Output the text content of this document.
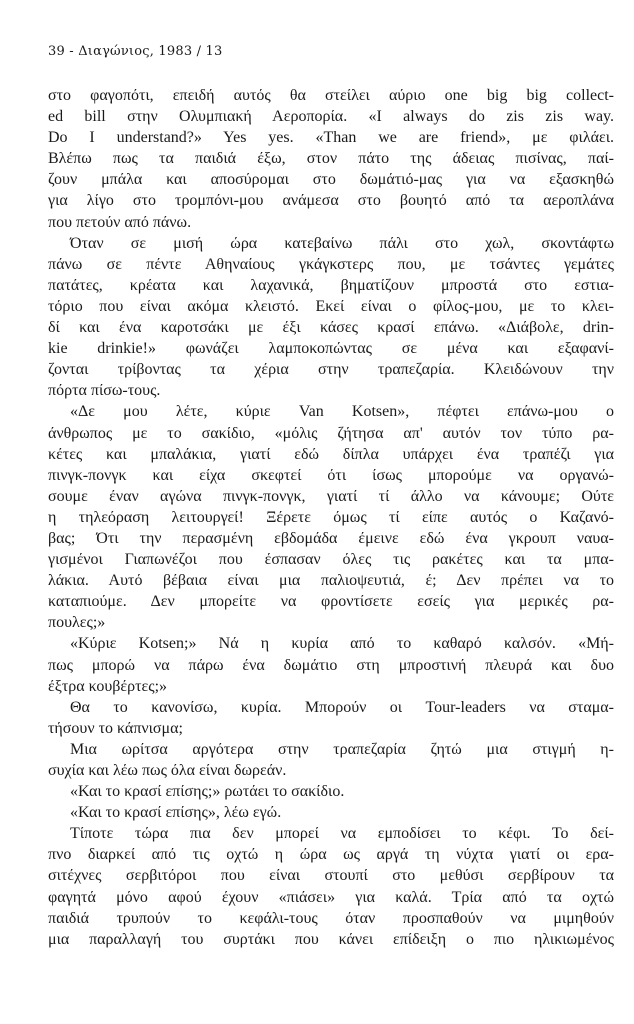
39 - Διαγώνιος, 1983 / 13
στο φαγοπότι, επειδή αυτός θα στείλει αύριο one big big collect-
ed bill στην Ολυμπιακή Αεροπορία. «I always do zis zis way.
Do I understand?» Yes yes. «Than we are friend», με φιλάει.
Βλέπω πως τα παιδιά έξω, στον πάτο της άδειας πισίνας, παί-
ζουν μπάλα και αποσύρομαι στο δωμάτιό-μας για να εξασκηθώ
για λίγο στο τρομπόνι-μου ανάμεσα στο βουητό από τα αεροπλάνα
που πετούν από πάνω.
Όταν σε μισή ώρα κατεβαίνω πάλι στο χωλ, σκοντάφτω
πάνω σε πέντε Αθηναίους γκάγκστερς που, με τσάντες γεμάτες
πατάτες, κρέατα και λαχανικά, βηματίζουν μπροστά στο εστια-
τόριο που είναι ακόμα κλειστό. Εκεί είναι ο φίλος-μου, με το κλει-
δί και ένα καροτσάκι με έξι κάσες κρασί επάνω. «Διάβολε, drin-
kie drinkie!» φωνάζει λαμποκοπώντας σε μένα και εξαφανί-
ζονται τρίβοντας τα χέρια στην τραπεζαρία. Κλειδώνουν την
πόρτα πίσω-τους.
«Δε μου λέτε, κύριε Van Kotsen», πέφτει επάνω-μου ο
άνθρωπος με το σακίδιο, «μόλις ζήτησα απ' αυτόν τον τύπο ρα-
κέτες και μπαλάκια, γιατί εδώ δίπλα υπάρχει ένα τραπέζι για
πινγκ-πονγκ και είχα σκεφτεί ότι ίσως μπορούμε να οργανώ-
σουμε έναν αγώνα πινγκ-πονγκ, γιατί τί άλλο να κάνουμε; Ούτε
η τηλεόραση λειτουργεί! Ξέρετε όμως τί είπε αυτός ο Καζανό-
βας; Ότι την περασμένη εβδομάδα έμεινε εδώ ένα γκρουπ ναυα-
γισμένοι Γιαπωνέζοι που έσπασαν όλες τις ρακέτες και τα μπα-
λάκια. Αυτό βέβαια είναι μια παλιοψευτιά, έ; Δεν πρέπει να το
καταπιούμε. Δεν μπορείτε να φροντίσετε εσείς για μερικές ρα-
πουλες;»
«Κύριε Kotsen;» Νά η κυρία από το καθαρό καλσόν. «Μή-
πως μπορώ να πάρω ένα δωμάτιο στη μπροστινή πλευρά και δυο
έξτρα κουβέρτες;»
Θα το κανονίσω, κυρία. Μπορούν οι Tour-leaders να σταμα-
τήσουν το κάπνισμα;
Μια ωρίτσα αργότερα στην τραπεζαρία ζητώ μια στιγμή η-
συχία και λέω πως όλα είναι δωρεάν.
«Και το κρασί επίσης;» ρωτάει το σακίδιο.
«Και το κρασί επίσης», λέω εγώ.
Τίποτε τώρα πια δεν μπορεί να εμποδίσει το κέφι. Το δεί-
πνο διαρκεί από τις οχτώ η ώρα ως αργά τη νύχτα γιατί οι ερα-
σιτέχνες σερβιτόροι που είναι στουπί στο μεθύσι σερβίρουν τα
φαγητά μόνο αφού έχουν «πιάσει» για καλά. Τρία από τα οχτώ
παιδιά τρυπούν το κεφάλι-τους όταν προσπαθούν να μιμηθούν
μια παραλλαγή του συρτάκι που κάνει επίδειξη ο πιο ηλικιωμένος
